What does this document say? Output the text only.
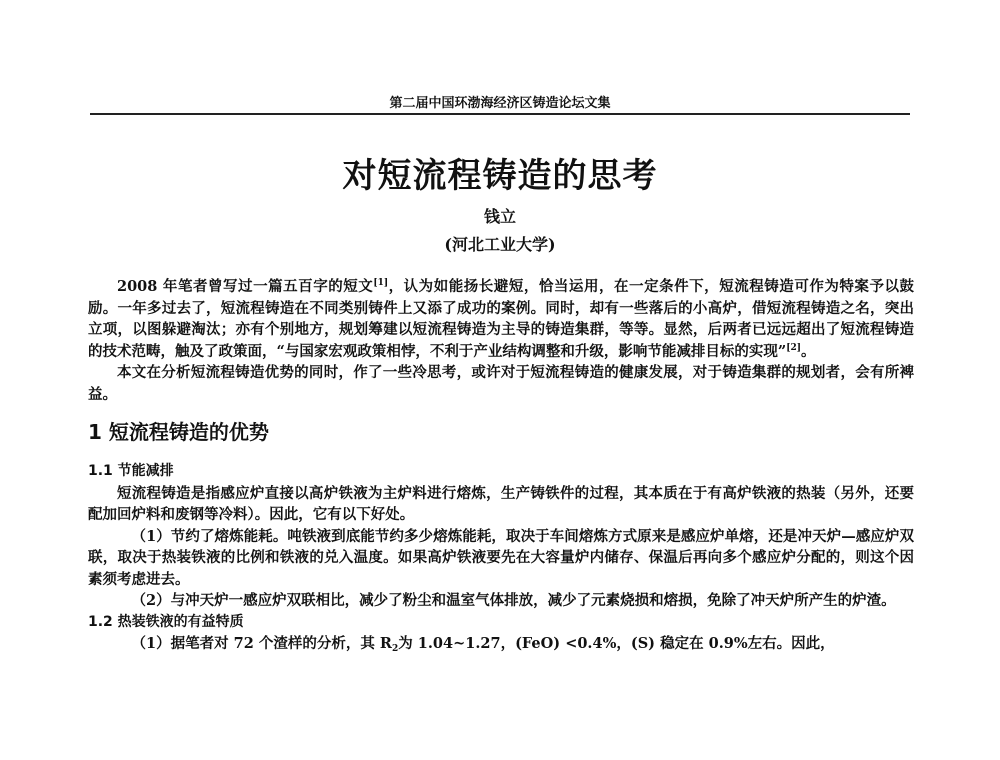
第二届中国环渤海经济区铸造论坛文集
对短流程铸造的思考
钱立
(河北工业大学)

2008 年笔者曾写过一篇五百字的短文[1]，认为如能扬长避短，恰当运用，在一定条件下，短流程铸造可作为特案予以鼓励。一年多过去了，短流程铸造在不同类别铸件上又添了成功的案例。同时，却有一些落后的小高炉，借短流程铸造之名，突出立项，以图躲避淘汰；亦有个别地方，规划筹建以短流程铸造为主导的铸造集群，等等。显然，后两者已远远超出了短流程铸造的技术范畴，触及了政策面，“与国家宏观政策相悖，不利于产业结构调整和升级，影响节能减排目标的实现”[2]。

本文在分析短流程铸造优势的同时，作了一些冷思考，或许对于短流程铸造的健康发展，对于铸造集群的规划者，会有所裨益。

1 短流程铸造的优势

1.1 节能减排

短流程铸造是指感应炉直接以高炉铁液为主炉料进行熔炼，生产铸铁件的过程，其本质在于有高炉铁液的热装（另外，还要配加回炉料和废钢等冷料）。因此，它有以下好处。

（1）节约了熔炼能耗。吨铁液到底能节约多少熔炼能耗，取决于车间熔炼方式原来是感应炉单熔，还是冲天炉—感应炉双联，取决于热装铁液的比例和铁液的兑入温度。如果高炉铁液要先在大容量炉内储存、保温后再向多个感应炉分配的，则这个因素须考虑进去。

（2）与冲天炉一感应炉双联相比，减少了粉尘和温室气体排放，减少了元素烧损和熔损，免除了冲天炉所产生的炉渣。

1.2 热装铁液的有益特质

（1）据笔者对 72 个渣样的分析，其 $R_2$为 1.04~1.27，(FeO) <0.4%，(S) 稳定在 0.9%左右。因此，
